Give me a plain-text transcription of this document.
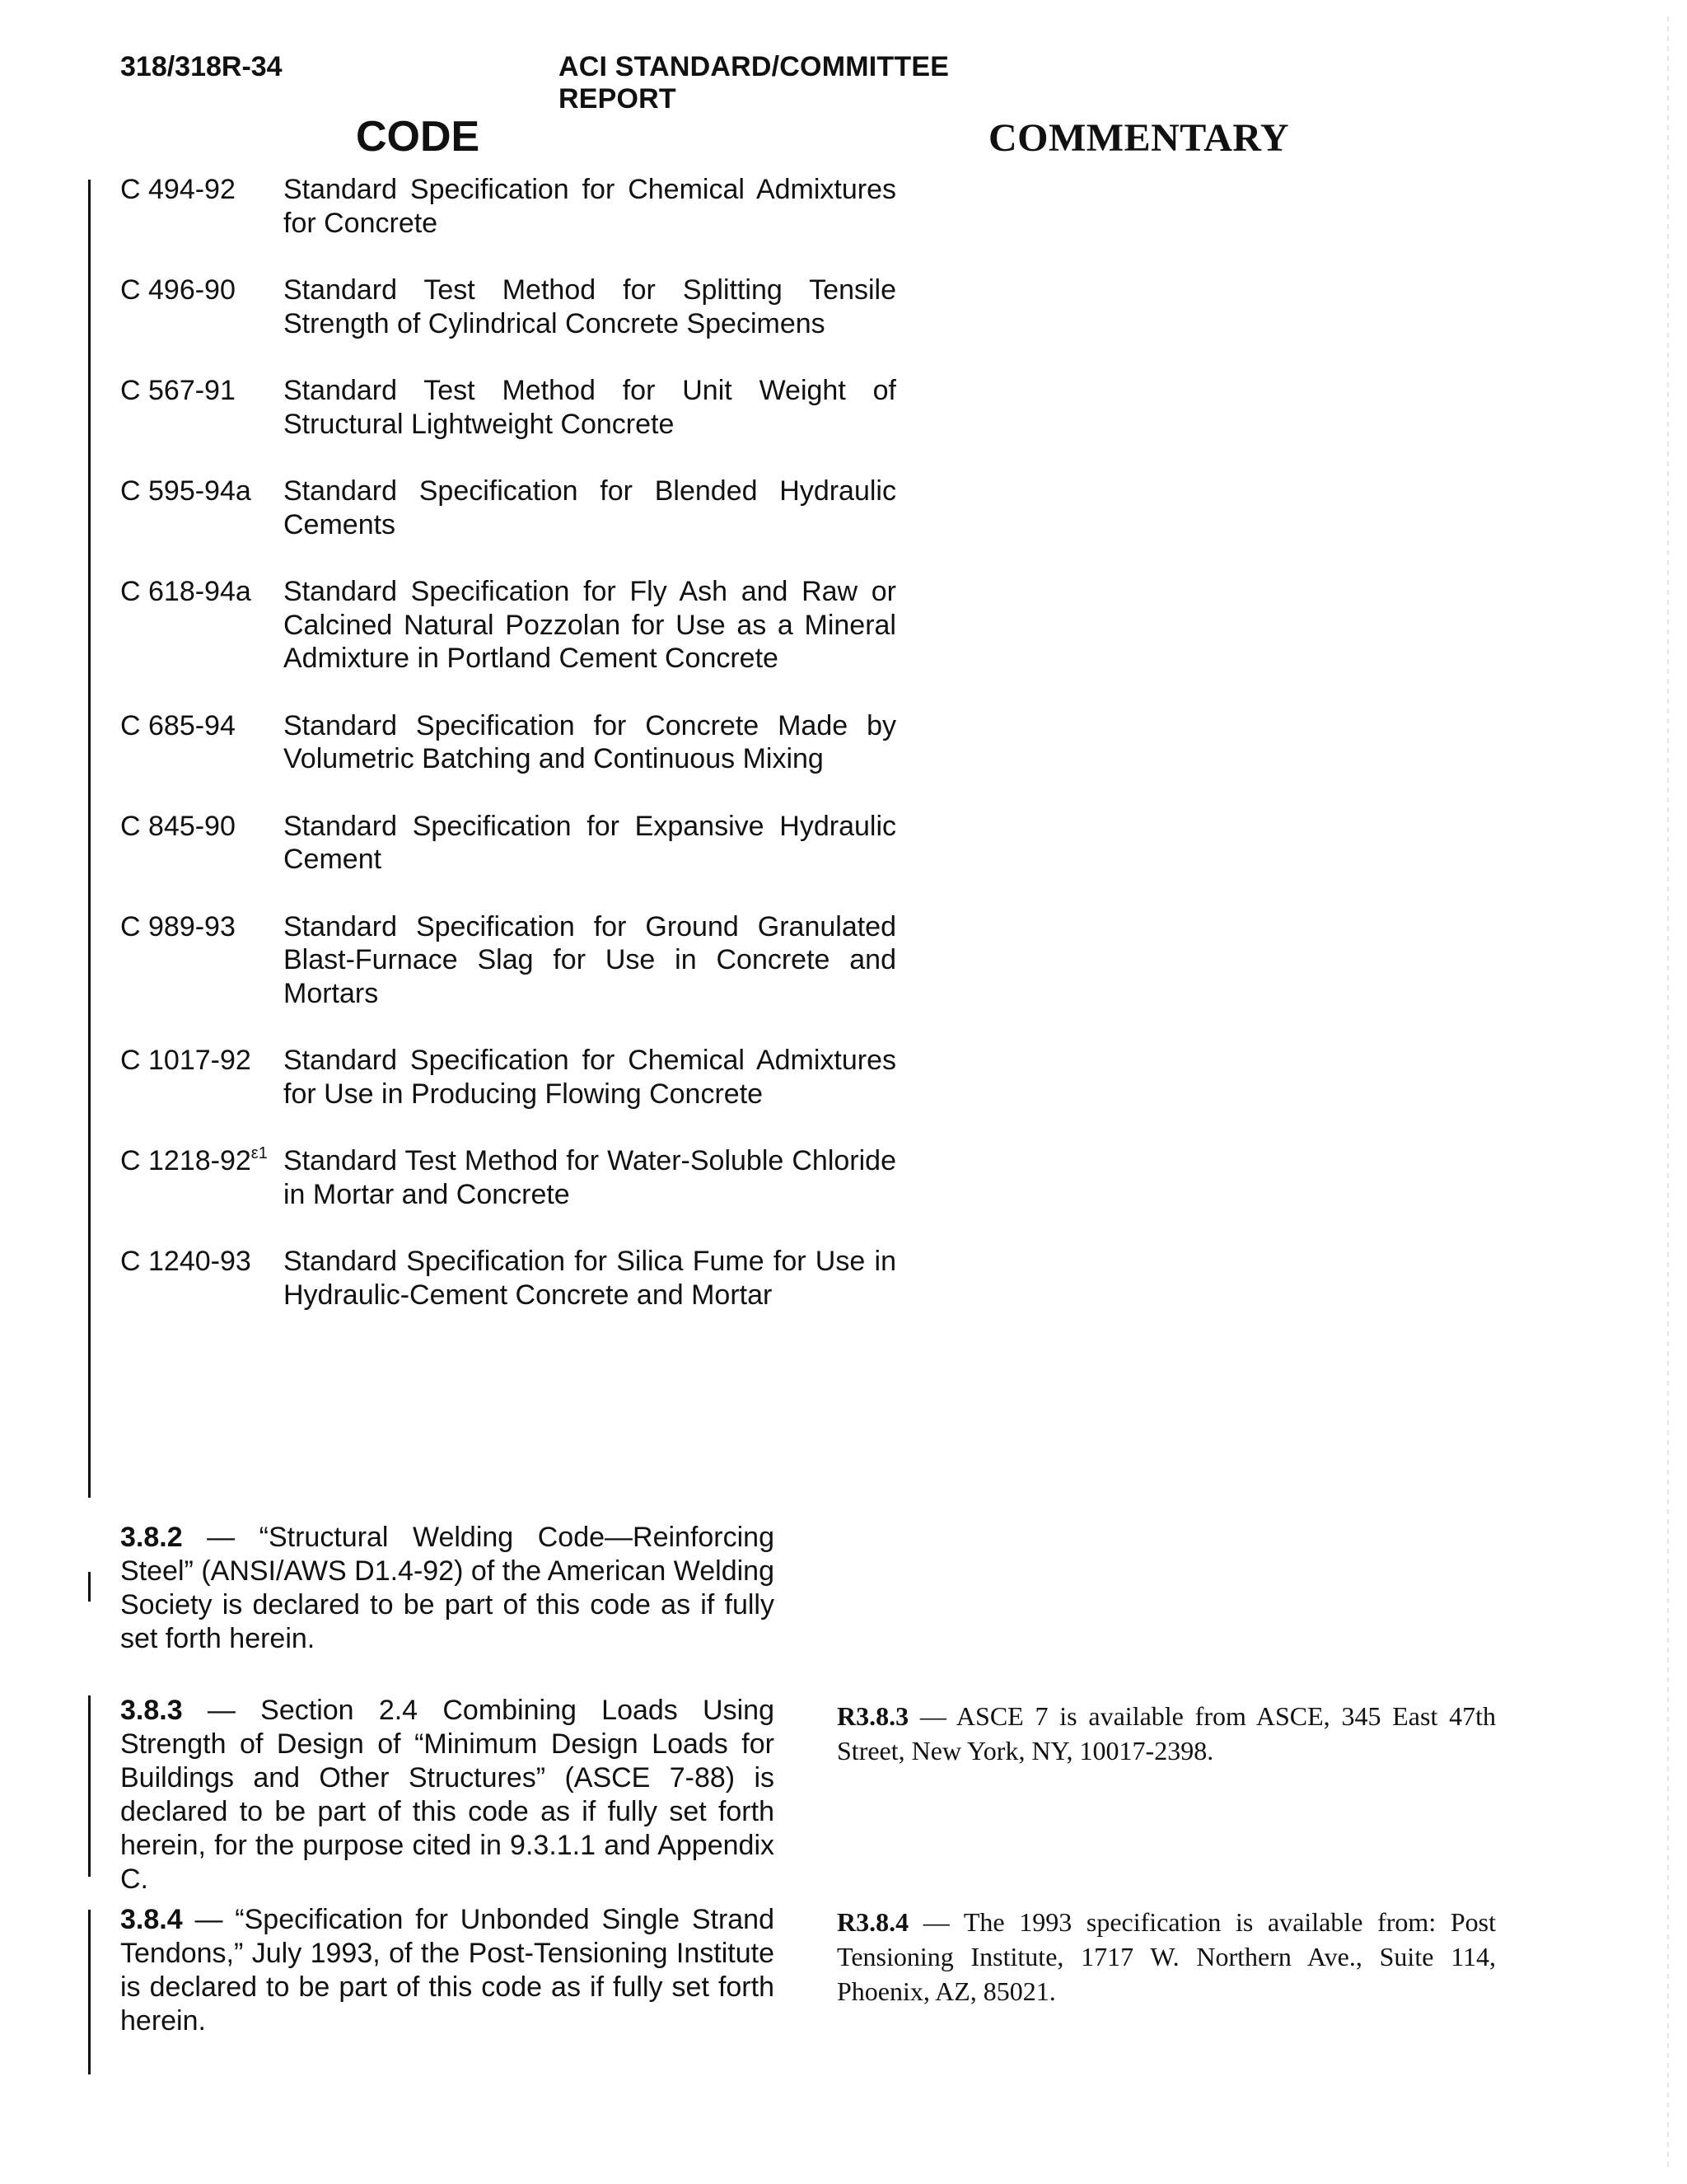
318/318R-34	ACI STANDARD/COMMITTEE REPORT
CODE	COMMENTARY
C 494-92 Standard Specification for Chemical Admixtures for Concrete
C 496-90 Standard Test Method for Splitting Tensile Strength of Cylindrical Concrete Specimens
C 567-91 Standard Test Method for Unit Weight of Structural Lightweight Concrete
C 595-94a Standard Specification for Blended Hydraulic Cements
C 618-94a Standard Specification for Fly Ash and Raw or Calcined Natural Pozzolan for Use as a Mineral Admixture in Portland Cement Concrete
C 685-94 Standard Specification for Concrete Made by Volumetric Batching and Continuous Mixing
C 845-90 Standard Specification for Expansive Hydraulic Cement
C 989-93 Standard Specification for Ground Granulated Blast-Furnace Slag for Use in Concrete and Mortars
C 1017-92 Standard Specification for Chemical Admixtures for Use in Producing Flowing Concrete
C $1218-92^{\varepsilon 1}$ Standard Test Method for Water-Soluble Chloride in Mortar and Concrete
C 1240-93 Standard Specification for Silica Fume for Use in Hydraulic-Cement Concrete and Mortar
3.8.2 — “Structural Welding Code—Reinforcing Steel” (ANSI/AWS D1.4-92) of the American Welding Society is declared to be part of this code as if fully set forth herein.
3.8.3 — Section 2.4 Combining Loads Using Strength of Design of “Minimum Design Loads for Buildings and Other Structures” (ASCE 7-88) is declared to be part of this code as if fully set forth herein, for the purpose cited in 9.3.1.1 and Appendix C.
3.8.4 — “Specification for Unbonded Single Strand Tendons,” July 1993, of the Post-Tensioning Institute is declared to be part of this code as if fully set forth herein.
R3.8.3 — ASCE 7 is available from ASCE, 345 East 47th Street, New York, NY, 10017-2398.
R3.8.4 — The 1993 specification is available from: Post Tensioning Institute, 1717 W. Northern Ave., Suite 114, Phoenix, AZ, 85021.
